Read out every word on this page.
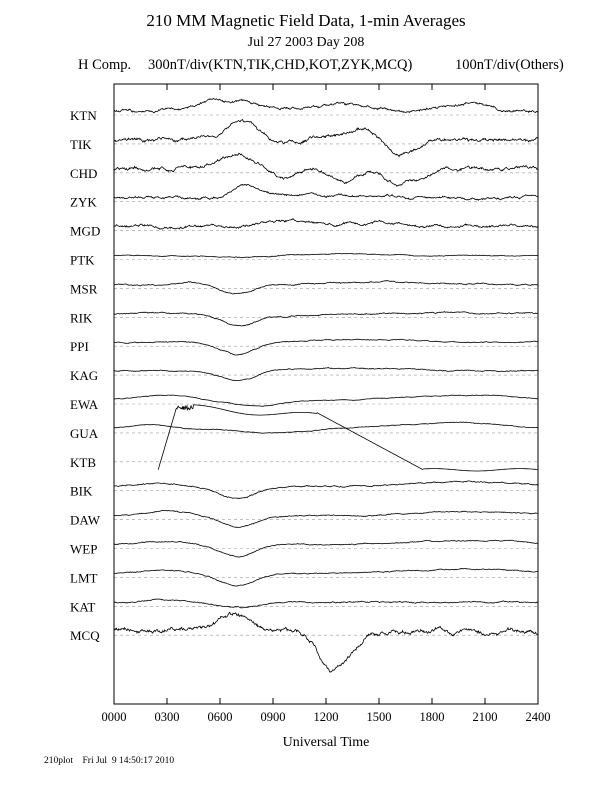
210 MM Magnetic Field Data, 1-min Averages
Jul 27 2003 Day 208
H Comp. 300nT/div(KTN,TIK,CHD,KOT,ZYK,MCQ)	100nT/div(Others)
KTN
TIK
CHD
ZYK
MGD
PTK
MSR
RIK
PPI
KAG
EWA
GUA
KTB
BIK
DAW
WEP
LMT
KAT
MCQ
0000 0300 0600 0900 1200 1500 1800 2100 2400
Universal Time
210plot    Fri Jul  9 14:50:17 2010
